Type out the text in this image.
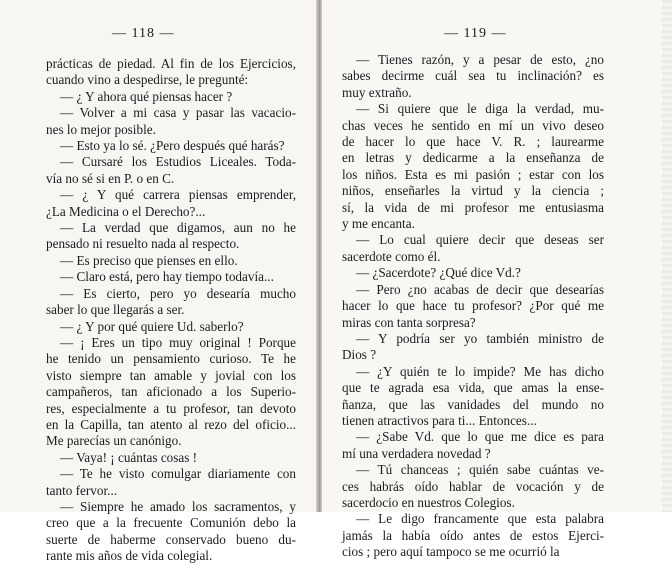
— 118 —
prácticas de piedad. Al fin de los Ejercicios,
cuando vino a despedirse, le pregunté:
— ¿ Y ahora qué piensas hacer ?
— Volver a mi casa y pasar las vacacio-
nes lo mejor posible.
— Esto ya lo sé. ¿Pero después qué harás?
— Cursaré los Estudios Liceales. Toda-
vía no sé si en P. o en C.
— ¿ Y qué carrera piensas emprender,
¿La Medicina o el Derecho?...
— La verdad que digamos, aun no he
pensado ni resuelto nada al respecto.
— Es preciso que pienses en ello.
— Claro está, pero hay tiempo todavía...
— Es cierto, pero yo desearía mucho
saber lo que llegarás a ser.
— ¿ Y por qué quiere Ud. saberlo?
— ¡ Eres un tipo muy original ! Porque
he tenido un pensamiento curioso. Te he
visto siempre tan amable y jovial con los
campañeros, tan aficionado a los Superio-
res, especialmente a tu profesor, tan devoto
en la Capilla, tan atento al rezo del oficio...
Me parecías un canónigo.
— Vaya! ¡ cuántas cosas !
— Te he visto comulgar diariamente con
tanto fervor...
— Siempre he amado los sacramentos, y
creo que a la frecuente Comunión debo la
suerte de haberme conservado bueno du-
rante mis años de vida colegial.
— 119 —
— Tienes razón, y a pesar de esto, ¿no
sabes decirme cuál sea tu inclinación? es
muy extraño.
— Si quiere que le diga la verdad, mu-
chas veces he sentido en mí un vivo deseo
de hacer lo que hace V. R. ; laurearme
en letras y dedicarme a la enseñanza de
los niños. Esta es mi pasión ; estar con los
niños, enseñarles la virtud y la ciencia ;
sí, la vida de mi profesor me entusiasma
y me encanta.
— Lo cual quiere decir que deseas ser
sacerdote como él.
— ¿Sacerdote? ¿Qué dice Vd.?
— Pero ¿no acabas de decir que desearías
hacer lo que hace tu profesor? ¿Por qué me
miras con tanta sorpresa?
— Y podría ser yo también ministro de
Dios ?
— ¿Y quién te lo impide? Me has dicho
que te agrada esa vida, que amas la ense-
ñanza, que las vanidades del mundo no
tienen atractivos para ti... Entonces...
— ¿Sabe Vd. que lo que me dice es para
mí una verdadera novedad ?
— Tú chanceas ; quién sabe cuántas ve-
ces habrás oído hablar de vocación y de
sacerdocio en nuestros Colegios.
— Le digo francamente que esta palabra
jamás la había oído antes de estos Ejerci-
cios ; pero aquí tampoco se me ocurrió la
